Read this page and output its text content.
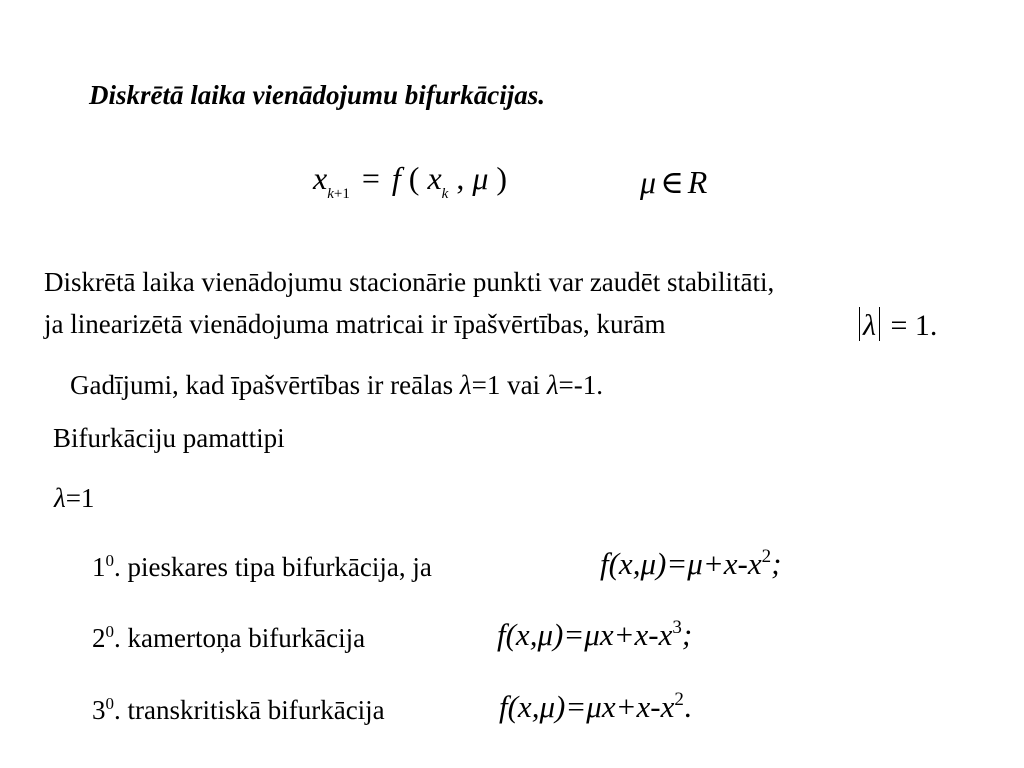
Diskrētā laika vienādojumu bifurkācijas.
$x_{k+1} = f$ ( $x_k$ , μ )	μ ∈ R
Diskrētā laika vienādojumu stacionārie punkti var zaudēt stabilitāti,
ja linearizētā vienādojuma matricai ir īpašvērtības, kurām	λ = 1.
Gadījumi, kad īpašvērtības ir reālas λ=1 vai λ=-1.
Bifurkāciju pamattipi
λ=1
$1^0$. pieskares tipa bifurkācija, ja	$f(x,\mu)=\mu+x-x^2$;
$2^0$. kamertoņa bifurkācija	$f(x,\mu)=\mu x+x-x^3$;
$3^0$. transkritiskā bifurkācija	$f(x,\mu)=\mu x+x-x^2$.
